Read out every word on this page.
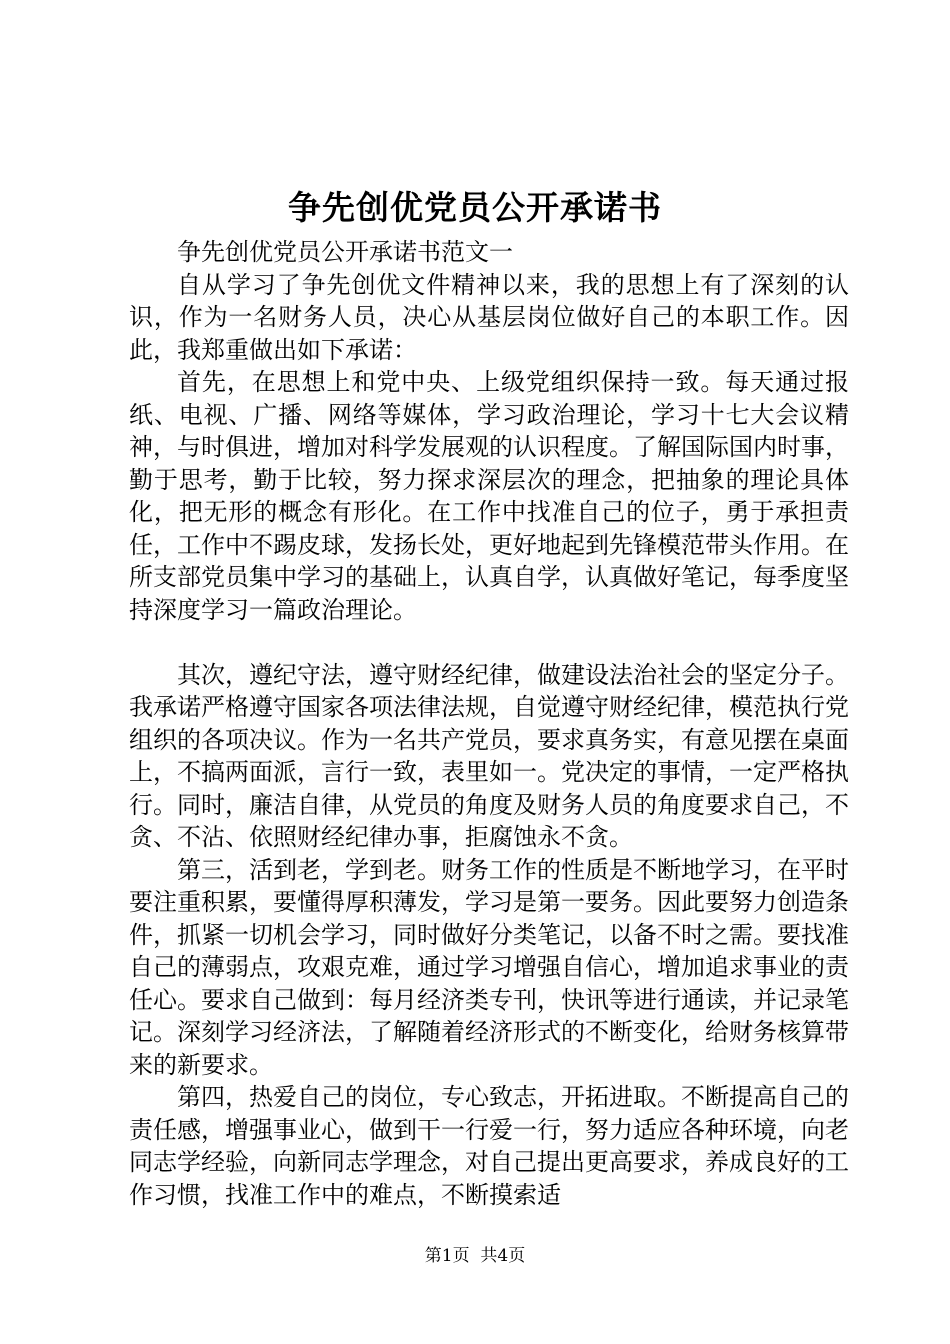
争先创优党员公开承诺书

争先创优党员公开承诺书范文一

自从学习了争先创优文件精神以来，我的思想上有了深刻的认识，作为一名财务人员，决心从基层岗位做好自己的本职工作。因此，我郑重做出如下承诺：

首先，在思想上和党中央、上级党组织保持一致。每天通过报纸、电视、广播、网络等媒体，学习政治理论，学习十七大会议精神，与时俱进，增加对科学发展观的认识程度。了解国际国内时事，勤于思考，勤于比较，努力探求深层次的理念，把抽象的理论具体化，把无形的概念有形化。在工作中找准自己的位子，勇于承担责任，工作中不踢皮球，发扬长处，更好地起到先锋模范带头作用。在所支部党员集中学习的基础上，认真自学，认真做好笔记，每季度坚持深度学习一篇政治理论。

其次，遵纪守法，遵守财经纪律，做建设法治社会的坚定分子。我承诺严格遵守国家各项法律法规，自觉遵守财经纪律，模范执行党组织的各项决议。作为一名共产党员，要求真务实，有意见摆在桌面上，不搞两面派，言行一致，表里如一。党决定的事情，一定严格执行。同时，廉洁自律，从党员的角度及财务人员的角度要求自己，不贪、不沾、依照财经纪律办事，拒腐蚀永不贪。

第三，活到老，学到老。财务工作的性质是不断地学习，在平时要注重积累，要懂得厚积薄发，学习是第一要务。因此要努力创造条件，抓紧一切机会学习，同时做好分类笔记，以备不时之需。要找准自己的薄弱点，攻艰克难，通过学习增强自信心，增加追求事业的责任心。要求自己做到：每月经济类专刊，快讯等进行通读，并记录笔记。深刻学习经济法，了解随着经济形式的不断变化，给财务核算带来的新要求。

第四，热爱自己的岗位，专心致志，开拓进取。不断提高自己的责任感，增强事业心，做到干一行爱一行，努力适应各种环境，向老同志学经验，向新同志学理念，对自己提出更高要求，养成良好的工作习惯，找准工作中的难点，不断摸索适

第1页 共4页
